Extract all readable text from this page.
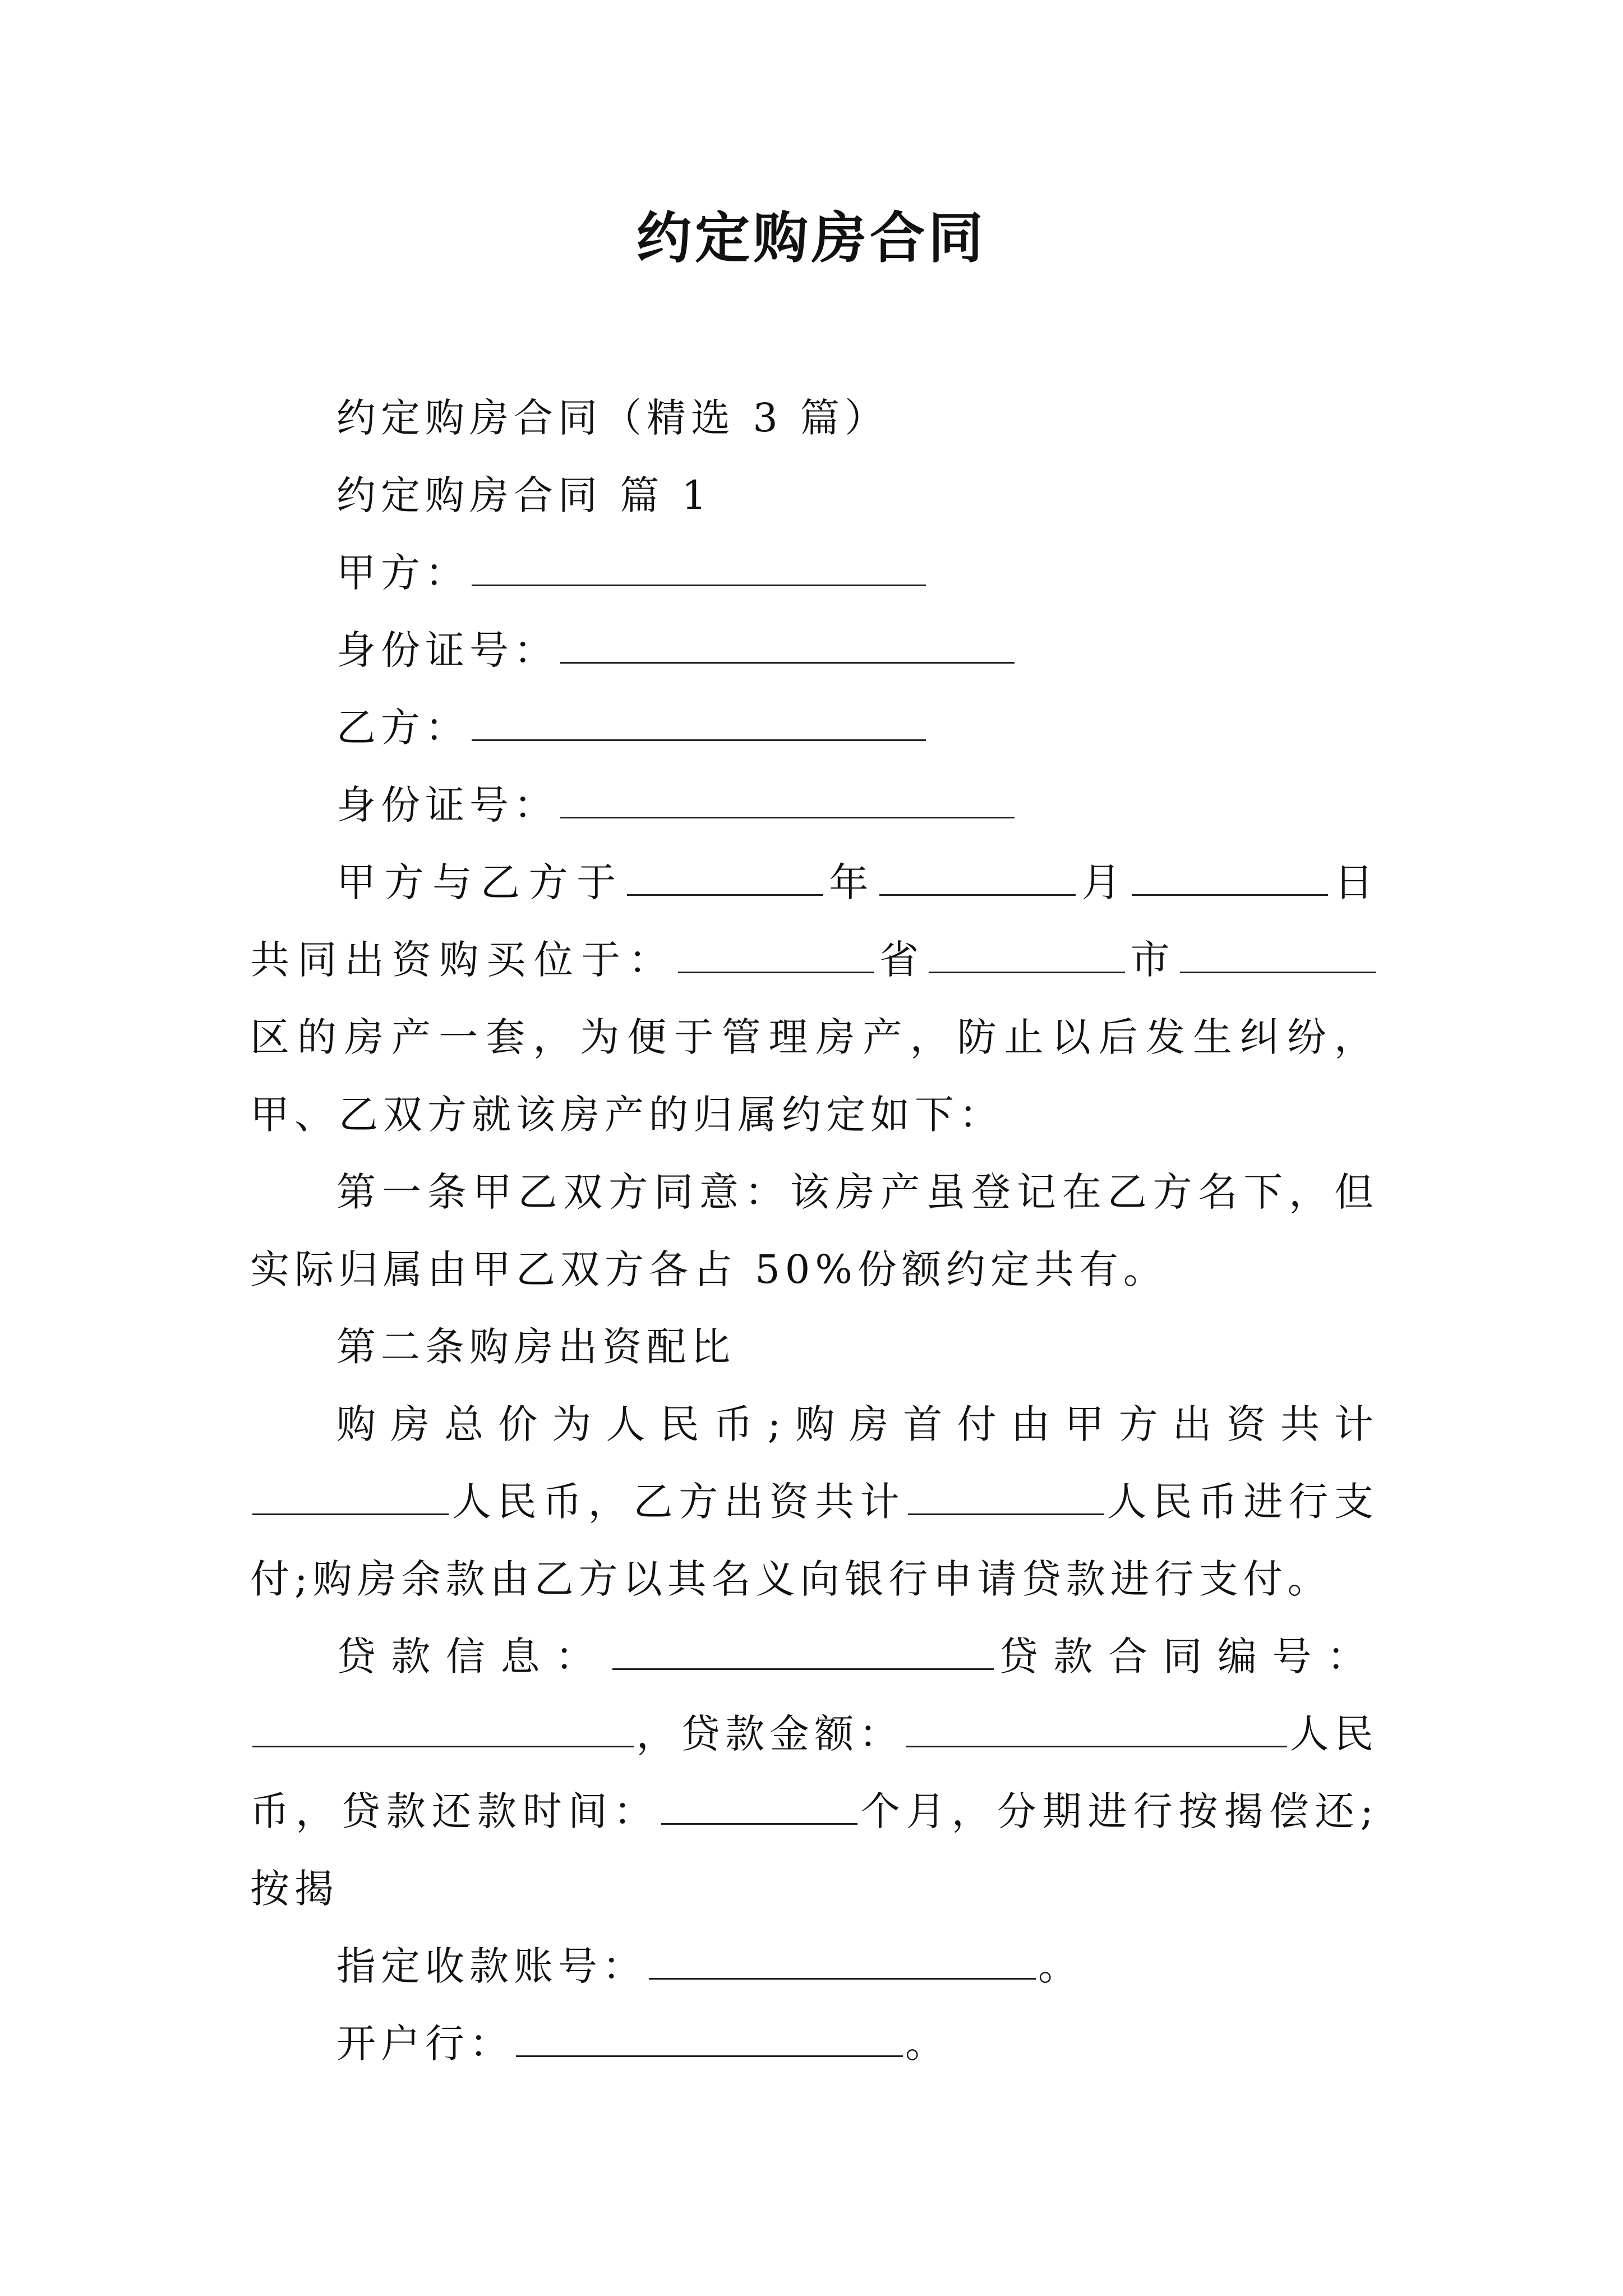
约定购房合同

约定购房合同（精选 3 篇）

约定购房合同 篇 1

甲方：

身份证号：

乙方：

身份证号：

甲方与乙方于	年	月	日共同出资购买位于：	省	市区的房产一套，为便于管理房产，防止以后发生纠纷，甲、乙双方就该房产的归属约定如下：

第一条甲乙双方同意：该房产虽登记在乙方名下，但实际归属由甲乙双方各占 50%份额约定共有。

第二条购房出资配比

购房总价为人民币;购房首付由甲方出资共计人民币，乙方出资共计	人民币进行支付;购房余款由乙方以其名义向银行申请贷款进行支付。

贷款信息：	贷款合同编号：，贷款金额：	人民币，贷款还款时间：	个月，分期进行按揭偿还;按揭

指定收款账号：	。

开户行：	。
